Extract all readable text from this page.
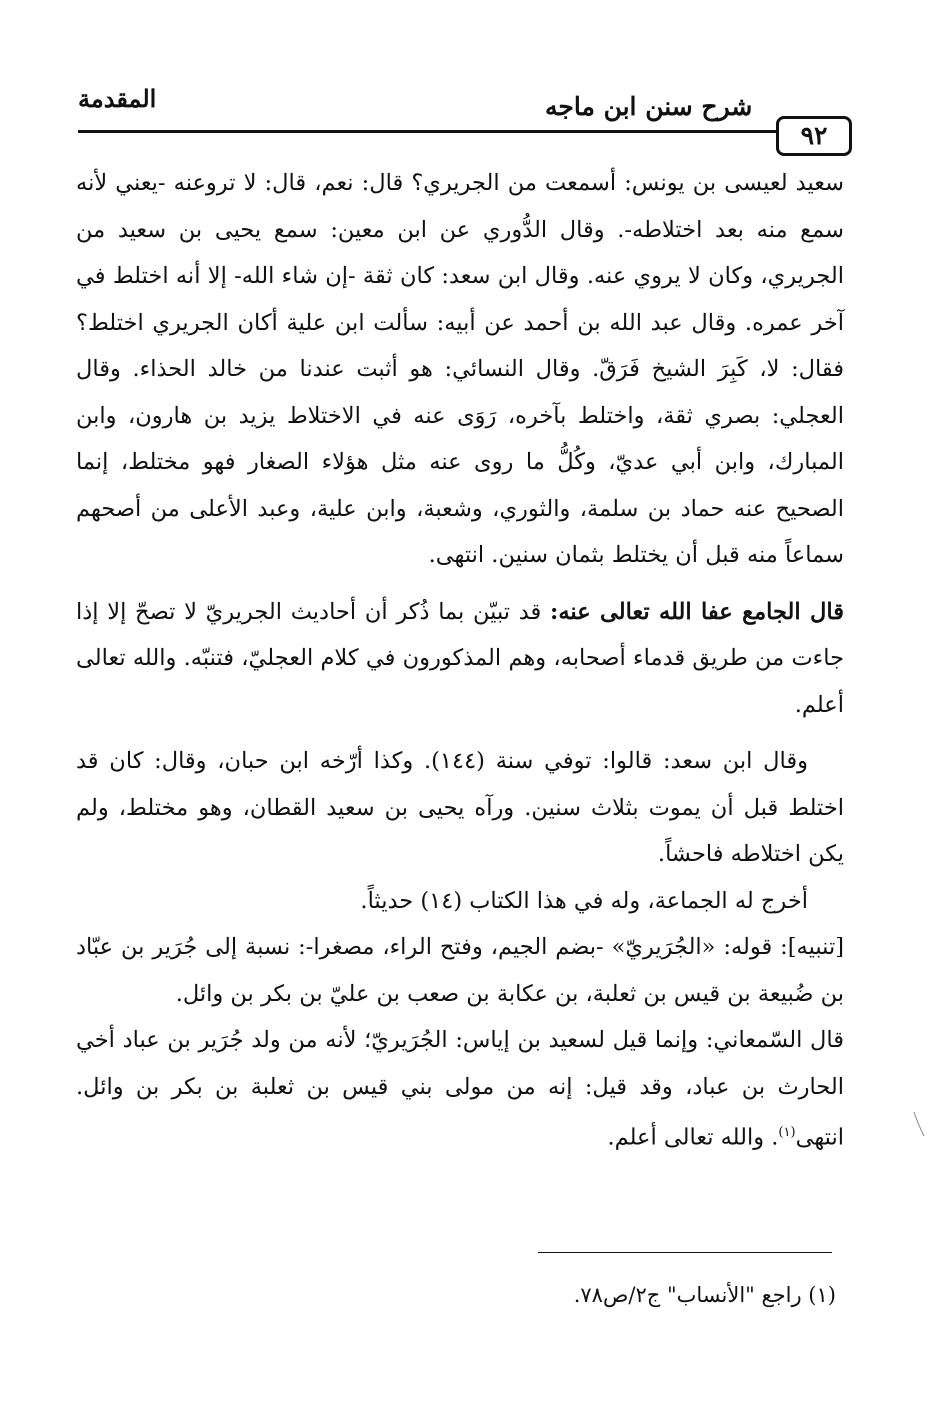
المقدمة	شرح سنن ابن ماجه
٩٢

سعيد لعيسى بن يونس: أسمعت من الجريري؟ قال: نعم، قال: لا تروعنه -يعني لأنه سمع منه بعد اختلاطه-. وقال الدُّوري عن ابن معين: سمع يحيى بن سعيد من الجريري، وكان لا يروي عنه. وقال ابن سعد: كان ثقة -إن شاء الله- إلا أنه اختلط في آخر عمره. وقال عبد الله بن أحمد عن أبيه: سألت ابن علية أكان الجريري اختلط؟ فقال: لا، كَبِرَ الشيخ فَرَقّ. وقال النسائي: هو أثبت عندنا من خالد الحذاء. وقال العجلي: بصري ثقة، واختلط بآخره، رَوَى عنه في الاختلاط يزيد بن هارون، وابن المبارك، وابن أبي عديّ، وكُلُّ ما روى عنه مثل هؤلاء الصغار فهو مختلط، إنما الصحيح عنه حماد بن سلمة، والثوري، وشعبة، وابن علية، وعبد الأعلى من أصحهم سماعاً منه قبل أن يختلط بثمان سنين. انتهى.

قال الجامع عفا الله تعالى عنه: قد تبيّن بما ذُكر أن أحاديث الجريريّ لا تصحّ إلا إذا جاءت من طريق قدماء أصحابه، وهم المذكورون في كلام العجليّ، فتنبّه. والله تعالى أعلم.

وقال ابن سعد: قالوا: توفي سنة (١٤٤). وكذا أرّخه ابن حبان، وقال: كان قد اختلط قبل أن يموت بثلاث سنين. ورآه يحيى بن سعيد القطان، وهو مختلط، ولم يكن اختلاطه فاحشاً.

أخرج له الجماعة، وله في هذا الكتاب (١٤) حديثاً.

[تنبيه]: قوله: «الجُرَيريّ» -بضم الجيم، وفتح الراء، مصغرا-: نسبة إلى جُرَير بن عبّاد بن ضُبيعة بن قيس بن ثعلبة، بن عكابة بن صعب بن عليّ بن بكر بن وائل.

قال السّمعاني: وإنما قيل لسعيد بن إياس: الجُرَيريّ؛ لأنه من ولد جُرَير بن عباد أخي الحارث بن عباد، وقد قيل: إنه من مولى بني قيس بن ثعلبة بن بكر بن وائل. انتهى$^{(١)}$. والله تعالى أعلم.

(١) راجع "الأنساب" ج٢/ص٧٨.
